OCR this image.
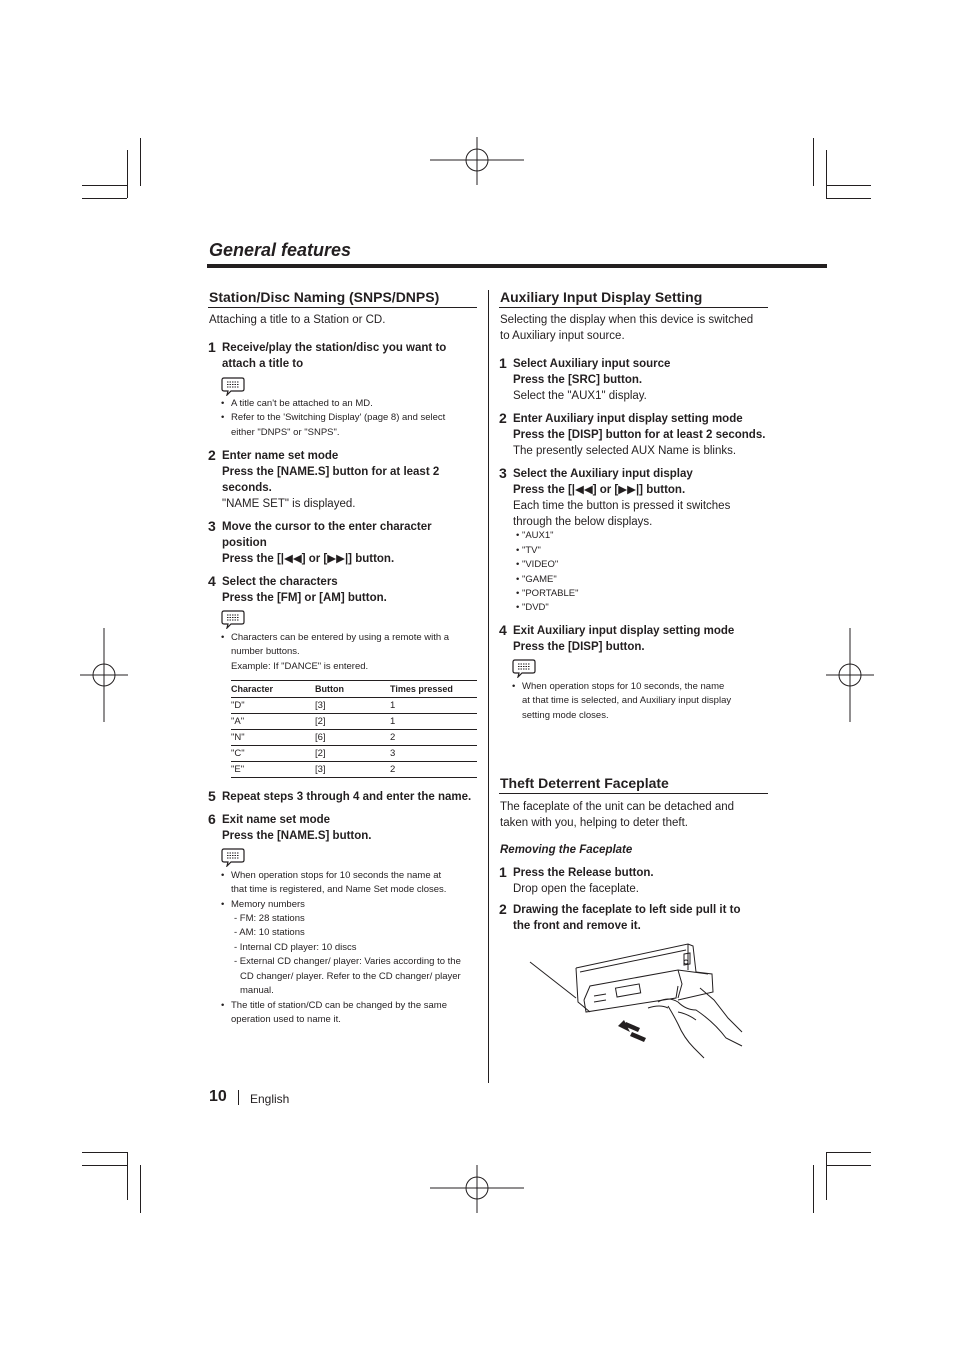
General features
Station/Disc Naming (SNPS/DNPS)
Attaching a title to a Station or CD.
1 Receive/play the station/disc you want to
attach a title to
• A title can't be attached to an MD.
• Refer to the 'Switching Display' (page 8) and select
either "DNPS" or "SNPS".
2 Enter name set mode
Press the [NAME.S] button for at least 2
seconds.
"NAME SET" is displayed.
3 Move the cursor to the enter character
position
Press the [|◀◀] or [▶▶|] button.
4 Select the characters
Press the [FM] or [AM] button.
• Characters can be entered by using a remote with a
number buttons.
Example: If "DANCE" is entered.
Character	Button	Times pressed
"D"	[3]	1
"A"	[2]	1
"N"	[6]	2
"C"	[2]	3
"E"	[3]	2
5 Repeat steps 3 through 4 and enter the name.
6 Exit name set mode
Press the [NAME.S] button.
• When operation stops for 10 seconds the name at
that time is registered, and Name Set mode closes.
• Memory numbers
- FM: 28 stations
- AM: 10 stations
- Internal CD player: 10 discs
- External CD changer/ player: Varies according to the
CD changer/ player. Refer to the CD changer/ player
manual.
• The title of station/CD can be changed by the same
operation used to name it.
Auxiliary Input Display Setting
Selecting the display when this device is switched
to Auxiliary input source.
1 Select Auxiliary input source
Press the [SRC] button.
Select the "AUX1" display.
2 Enter Auxiliary input display setting mode
Press the [DISP] button for at least 2 seconds.
The presently selected AUX Name is blinks.
3 Select the Auxiliary input display
Press the [|◀◀] or [▶▶|] button.
Each time the button is pressed it switches
through the below displays.
• "AUX1"
• "TV"
• "VIDEO"
• "GAME"
• "PORTABLE"
• "DVD"
4 Exit Auxiliary input display setting mode
Press the [DISP] button.
• When operation stops for 10 seconds, the name
at that time is selected, and Auxiliary input display
setting mode closes.
Theft Deterrent Faceplate
The faceplate of the unit can be detached and
taken with you, helping to deter theft.
Removing the Faceplate
1 Press the Release button.
Drop open the faceplate.
2 Drawing the faceplate to left side pull it to
the front and remove it.
10 English
